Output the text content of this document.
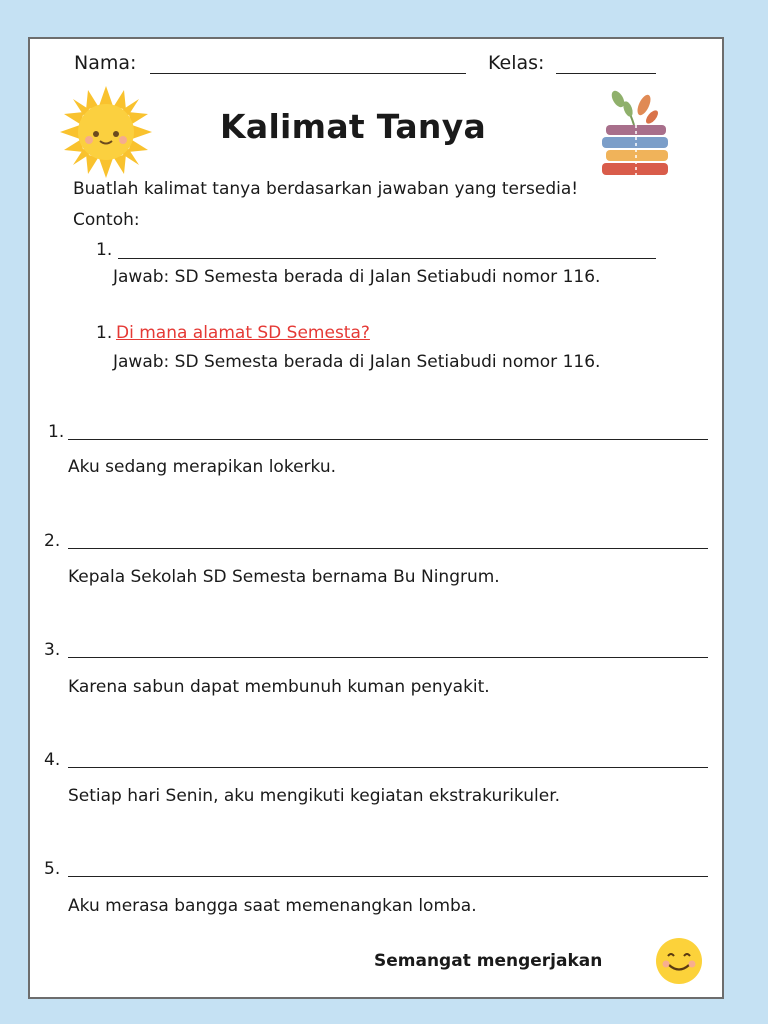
Nama:	Kelas:
Kalimat Tanya
Buatlah kalimat tanya berdasarkan jawaban yang tersedia!
Contoh:
1.
Jawab: SD Semesta berada di Jalan Setiabudi nomor 116.
1. Di mana alamat SD Semesta?
Jawab: SD Semesta berada di Jalan Setiabudi nomor 116.
1.
Aku sedang merapikan lokerku.
2.
Kepala Sekolah SD Semesta bernama Bu Ningrum.
3.
Karena sabun dapat membunuh kuman penyakit.
4.
Setiap hari Senin, aku mengikuti kegiatan ekstrakurikuler.
5.
Aku merasa bangga saat memenangkan lomba.
Semangat mengerjakan
